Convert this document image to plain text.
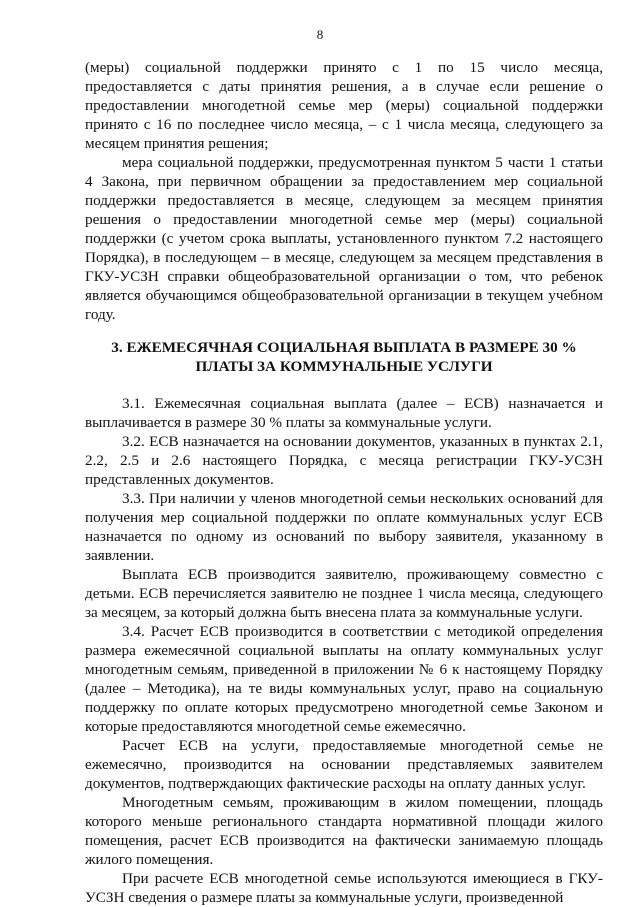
8

(меры) социальной поддержки принято с 1 по 15 число месяца, предоставляется с даты принятия решения, а в случае если решение о предоставлении многодетной семье мер (меры) социальной поддержки принято с 16 по последнее число месяца, – с 1 числа месяца, следующего за месяцем принятия решения;

мера социальной поддержки, предусмотренная пунктом 5 части 1 статьи 4 Закона, при первичном обращении за предоставлением мер социальной поддержки предоставляется в месяце, следующем за месяцем принятия решения о предоставлении многодетной семье мер (меры) социальной поддержки (с учетом срока выплаты, установленного пунктом 7.2 настоящего Порядка), в последующем – в месяце, следующем за месяцем представления в ГКУ-УСЗН справки общеобразовательной организации о том, что ребенок является обучающимся общеобразовательной организации в текущем учебном году.

3. ЕЖЕМЕСЯЧНАЯ СОЦИАЛЬНАЯ ВЫПЛАТА В РАЗМЕРЕ 30 % ПЛАТЫ ЗА КОММУНАЛЬНЫЕ УСЛУГИ

3.1. Ежемесячная социальная выплата (далее – ЕСВ) назначается и выплачивается в размере 30 % платы за коммунальные услуги.

3.2. ЕСВ назначается на основании документов, указанных в пунктах 2.1, 2.2, 2.5 и 2.6 настоящего Порядка, с месяца регистрации ГКУ-УСЗН представленных документов.

3.3. При наличии у членов многодетной семьи нескольких оснований для получения мер социальной поддержки по оплате коммунальных услуг ЕСВ назначается по одному из оснований по выбору заявителя, указанному в заявлении.

Выплата ЕСВ производится заявителю, проживающему совместно с детьми. ЕСВ перечисляется заявителю не позднее 1 числа месяца, следующего за месяцем, за который должна быть внесена плата за коммунальные услуги.

3.4. Расчет ЕСВ производится в соответствии с методикой определения размера ежемесячной социальной выплаты на оплату коммунальных услуг многодетным семьям, приведенной в приложении № 6 к настоящему Порядку (далее – Методика), на те виды коммунальных услуг, право на социальную поддержку по оплате которых предусмотрено многодетной семье Законом и которые предоставляются многодетной семье ежемесячно.

Расчет ЕСВ на услуги, предоставляемые многодетной семье не ежемесячно, производится на основании представляемых заявителем документов, подтверждающих фактические расходы на оплату данных услуг.

Многодетным семьям, проживающим в жилом помещении, площадь которого меньше регионального стандарта нормативной площади жилого помещения, расчет ЕСВ производится на фактически занимаемую площадь жилого помещения.

При расчете ЕСВ многодетной семье используются имеющиеся в ГКУ-УСЗН сведения о размере платы за коммунальные услуги, произведенной
